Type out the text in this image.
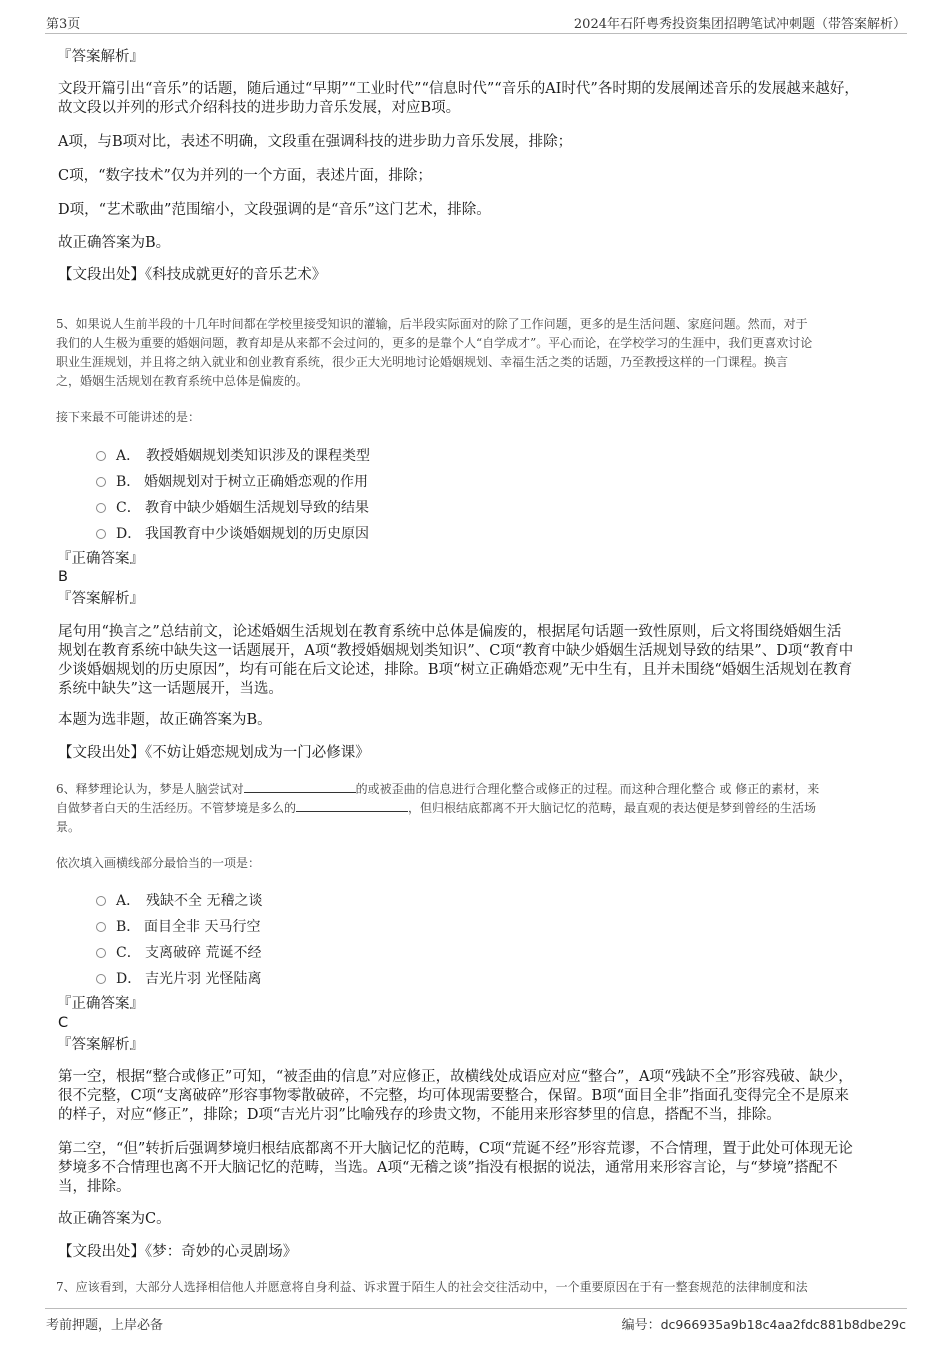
第3页	2024年石阡粤秀投资集团招聘笔试冲刺题（带答案解析）
『答案解析』
文段开篇引出“音乐”的话题，随后通过“早期”“工业时代”“信息时代”“音乐的AI时代”各时期的发展阐述音乐的发展越来越好，
故文段以并列的形式介绍科技的进步助力音乐发展，对应B项。
A项，与B项对比，表述不明确，文段重在强调科技的进步助力音乐发展，排除；
C项，“数字技术”仅为并列的一个方面，表述片面，排除；
D项，“艺术歌曲”范围缩小，文段强调的是“音乐”这门艺术，排除。
故正确答案为B。
【文段出处】《科技成就更好的音乐艺术》
5、如果说人生前半段的十几年时间都在学校里接受知识的灌输，后半段实际面对的除了工作问题，更多的是生活问题、家庭问题。然而，对于
我们的人生极为重要的婚姻问题，教育却是从来都不会过问的，更多的是靠个人“自学成才”。平心而论，在学校学习的生涯中，我们更喜欢讨论
职业生涯规划，并且将之纳入就业和创业教育系统，很少正大光明地讨论婚姻规划、幸福生活之类的话题，乃至教授这样的一门课程。换言
之，婚姻生活规划在教育系统中总体是偏废的。
接下来最不可能讲述的是：
A． 教授婚姻规划类知识涉及的课程类型
B． 婚姻规划对于树立正确婚恋观的作用
C． 教育中缺少婚姻生活规划导致的结果
D． 我国教育中少谈婚姻规划的历史原因
『正确答案』
B
『答案解析』
尾句用“换言之”总结前文，论述婚姻生活规划在教育系统中总体是偏废的，根据尾句话题一致性原则，后文将围绕婚姻生活
规划在教育系统中缺失这一话题展开，A项“教授婚姻规划类知识”、C项“教育中缺少婚姻生活规划导致的结果”、D项“教育中
少谈婚姻规划的历史原因”，均有可能在后文论述，排除。B项“树立正确婚恋观”无中生有，且并未围绕“婚姻生活规划在教育
系统中缺失”这一话题展开，当选。
本题为选非题，故正确答案为B。
【文段出处】《不妨让婚恋规划成为一门必修课》
6、释梦理论认为，梦是人脑尝试对	的或被歪曲的信息进行合理化整合或修正的过程。而这种合理化整合 或 修正的素材，来
自做梦者白天的生活经历。不管梦境是多么的	，但归根结底都离不开大脑记忆的范畴，最直观的表达便是梦到曾经的生活场
景。
依次填入画横线部分最恰当的一项是：
A． 残缺不全 无稽之谈
B． 面目全非 天马行空
C． 支离破碎 荒诞不经
D． 吉光片羽 光怪陆离
『正确答案』
C
『答案解析』
第一空，根据“整合或修正”可知，“被歪曲的信息”对应修正，故横线处成语应对应“整合”，A项“残缺不全”形容残破、缺少，
很不完整，C项“支离破碎”形容事物零散破碎，不完整，均可体现需要整合，保留。B项“面目全非”指面孔变得完全不是原来
的样子，对应“修正”，排除；D项“吉光片羽”比喻残存的珍贵文物，不能用来形容梦里的信息，搭配不当，排除。
第二空，“但”转折后强调梦境归根结底都离不开大脑记忆的范畴，C项“荒诞不经”形容荒谬，不合情理，置于此处可体现无论
梦境多不合情理也离不开大脑记忆的范畴，当选。A项“无稽之谈”指没有根据的说法，通常用来形容言论，与“梦境”搭配不
当，排除。
故正确答案为C。
【文段出处】《梦：奇妙的心灵剧场》
7、应该看到，大部分人选择相信他人并愿意将自身利益、诉求置于陌生人的社会交往活动中，一个重要原因在于有一整套规范的法律制度和法
考前押题，上岸必备	编号：dc966935a9b18c4aa2fdc881b8dbe29c
